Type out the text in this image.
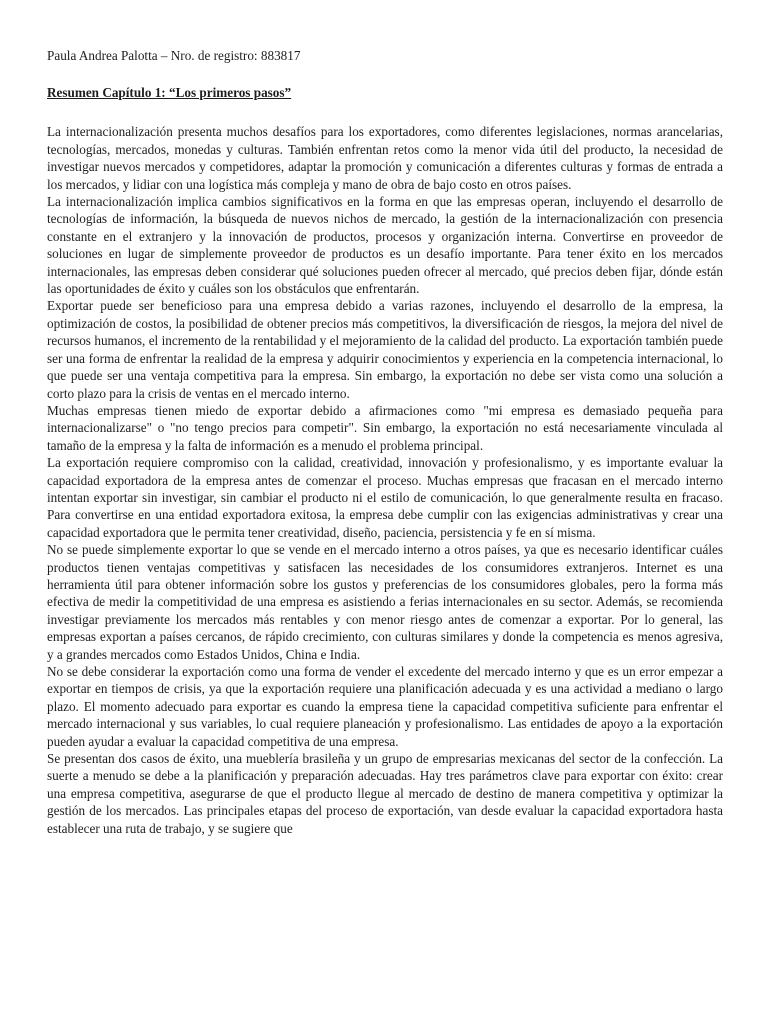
Paula Andrea Palotta – Nro. de registro: 883817

Resumen Capítulo 1: “Los primeros pasos”

La internacionalización presenta muchos desafíos para los exportadores, como diferentes legislaciones, normas arancelarias, tecnologías, mercados, monedas y culturas. También enfrentan retos como la menor vida útil del producto, la necesidad de investigar nuevos mercados y competidores, adaptar la promoción y comunicación a diferentes culturas y formas de entrada a los mercados, y lidiar con una logística más compleja y mano de obra de bajo costo en otros países.

La internacionalización implica cambios significativos en la forma en que las empresas operan, incluyendo el desarrollo de tecnologías de información, la búsqueda de nuevos nichos de mercado, la gestión de la internacionalización con presencia constante en el extranjero y la innovación de productos, procesos y organización interna. Convertirse en proveedor de soluciones en lugar de simplemente proveedor de productos es un desafío importante. Para tener éxito en los mercados internacionales, las empresas deben considerar qué soluciones pueden ofrecer al mercado, qué precios deben fijar, dónde están las oportunidades de éxito y cuáles son los obstáculos que enfrentarán.

Exportar puede ser beneficioso para una empresa debido a varias razones, incluyendo el desarrollo de la empresa, la optimización de costos, la posibilidad de obtener precios más competitivos, la diversificación de riesgos, la mejora del nivel de recursos humanos, el incremento de la rentabilidad y el mejoramiento de la calidad del producto. La exportación también puede ser una forma de enfrentar la realidad de la empresa y adquirir conocimientos y experiencia en la competencia internacional, lo que puede ser una ventaja competitiva para la empresa. Sin embargo, la exportación no debe ser vista como una solución a corto plazo para la crisis de ventas en el mercado interno.

Muchas empresas tienen miedo de exportar debido a afirmaciones como "mi empresa es demasiado pequeña para internacionalizarse" o "no tengo precios para competir". Sin embargo, la exportación no está necesariamente vinculada al tamaño de la empresa y la falta de información es a menudo el problema principal.

La exportación requiere compromiso con la calidad, creatividad, innovación y profesionalismo, y es importante evaluar la capacidad exportadora de la empresa antes de comenzar el proceso. Muchas empresas que fracasan en el mercado interno intentan exportar sin investigar, sin cambiar el producto ni el estilo de comunicación, lo que generalmente resulta en fracaso. Para convertirse en una entidad exportadora exitosa, la empresa debe cumplir con las exigencias administrativas y crear una capacidad exportadora que le permita tener creatividad, diseño, paciencia, persistencia y fe en sí misma.

No se puede simplemente exportar lo que se vende en el mercado interno a otros países, ya que es necesario identificar cuáles productos tienen ventajas competitivas y satisfacen las necesidades de los consumidores extranjeros. Internet es una herramienta útil para obtener información sobre los gustos y preferencias de los consumidores globales, pero la forma más efectiva de medir la competitividad de una empresa es asistiendo a ferias internacionales en su sector. Además, se recomienda investigar previamente los mercados más rentables y con menor riesgo antes de comenzar a exportar. Por lo general, las empresas exportan a países cercanos, de rápido crecimiento, con culturas similares y donde la competencia es menos agresiva, y a grandes mercados como Estados Unidos, China e India.

No se debe considerar la exportación como una forma de vender el excedente del mercado interno y que es un error empezar a exportar en tiempos de crisis, ya que la exportación requiere una planificación adecuada y es una actividad a mediano o largo plazo. El momento adecuado para exportar es cuando la empresa tiene la capacidad competitiva suficiente para enfrentar el mercado internacional y sus variables, lo cual requiere planeación y profesionalismo. Las entidades de apoyo a la exportación pueden ayudar a evaluar la capacidad competitiva de una empresa.

Se presentan dos casos de éxito, una mueblería brasileña y un grupo de empresarias mexicanas del sector de la confección. La suerte a menudo se debe a la planificación y preparación adecuadas. Hay tres parámetros clave para exportar con éxito: crear una empresa competitiva, asegurarse de que el producto llegue al mercado de destino de manera competitiva y optimizar la gestión de los mercados. Las principales etapas del proceso de exportación, van desde evaluar la capacidad exportadora hasta establecer una ruta de trabajo, y se sugiere que
